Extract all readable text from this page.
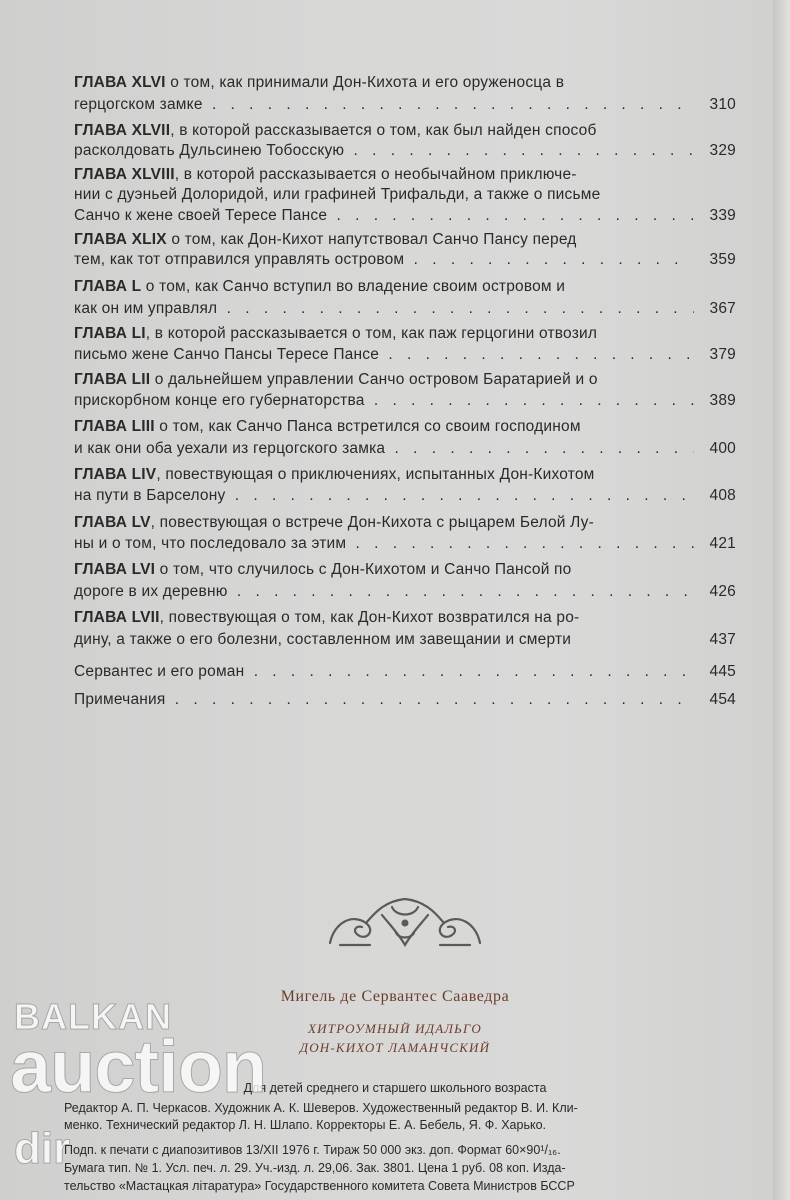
ГЛАВА XLVI о том, как принимали Дон-Кихота и его оруженосца в
герцогском замке . . .	310
ГЛАВА XLVII, в которой рассказывается о том, как был найден способ
расколдовать Дульсинею Тобосскую . . .	329
ГЛАВА XLVIII, в которой рассказывается о необычайном приключе-
нии с дуэньей Долоридой, или графиней Трифальди, а также о письме
Санчо к жене своей Тересе Пансе . . .	339
ГЛАВА XLIX о том, как Дон-Кихот напутствовал Санчо Пансу перед
тем, как тот отправился управлять островом . . .	359
ГЛАВА L о том, как Санчо вступил во владение своим островом и
как он им управлял . . .	367
ГЛАВА LI, в которой рассказывается о том, как паж герцогини отвозил
письмо жене Санчо Пансы Тересе Пансе . . .	379
ГЛАВА LII о дальнейшем управлении Санчо островом Баратарией и о
прискорбном конце его губернаторства . . .	389
ГЛАВА LIII о том, как Санчо Панса встретился со своим господином
и как они оба уехали из герцогского замка . . .	400
ГЛАВА LIV, повествующая о приключениях, испытанных Дон-Кихотом
на пути в Барселону . . .	408
ГЛАВА LV, повествующая о встрече Дон-Кихота с рыцарем Белой Лу-
ны и о том, что последовало за этим . . .	421
ГЛАВА LVI о том, что случилось с Дон-Кихотом и Санчо Пансой по
дороге в их деревню . . .	426
ГЛАВА LVII, повествующая о том, как Дон-Кихот возвратился на ро-
дину, а также о его болезни, составленном им завещании и смерти	437
Сервантес и его роман . . .	445
Примечания . . .	454
Мигель де Сервантес Сааведра
ХИТРОУМНЫЙ ИДАЛЬГО
ДОН-КИХОТ ЛАМАНЧСКИЙ
Для детей среднего и старшего школьного возраста
Редактор А. П. Черкасов. Художник А. К. Шеверов. Художественный редактор В. И. Кли-
менко. Технический редактор Л. Н. Шлапо. Корректоры Е. А. Бебель, Я. Ф. Харько.
Подп. к печати с диапозитивов 13/XII 1976 г. Тираж 50 000 экз. доп. Формат 60×90¹/₁₆.
Бумага тип. № 1. Усл. печ. л. 29. Уч.-изд. л. 29,06. Зак. 3801. Цена 1 руб. 08 коп. Изда-
тельство «Мастацкая літаратура» Государственного комитета Совета Министров БССР
BALKAN
auction
dir
